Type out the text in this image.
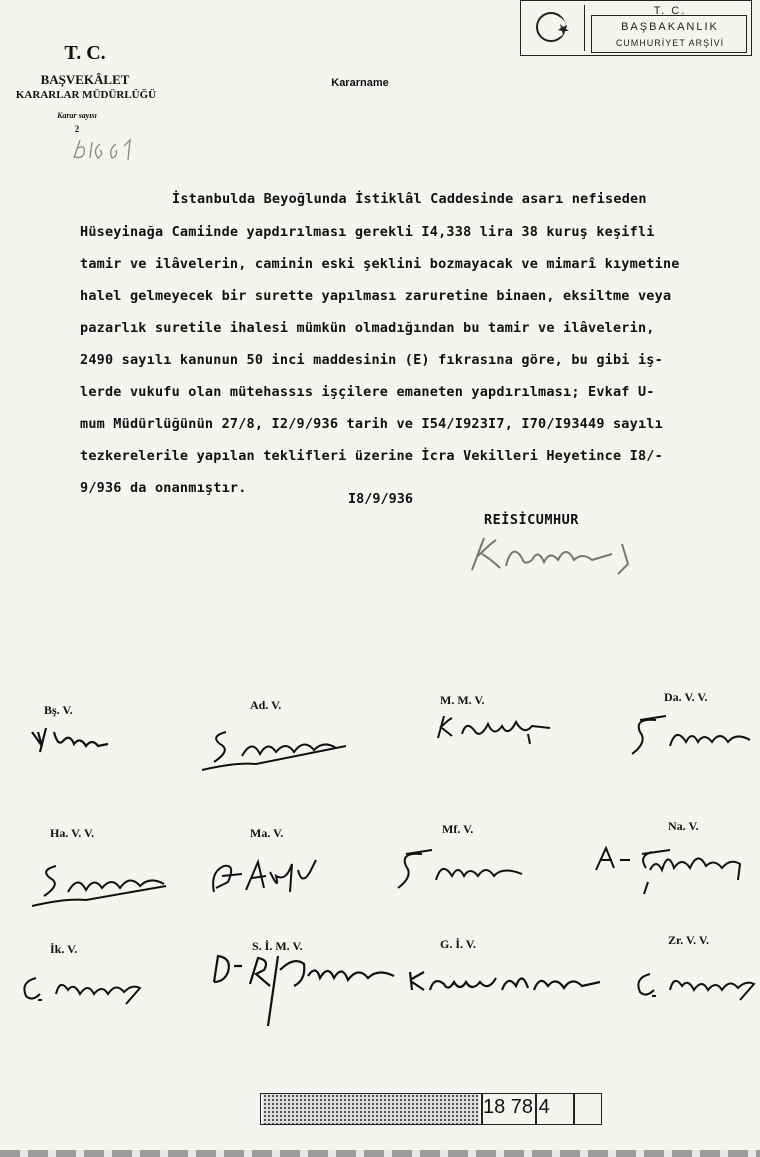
T. C.
BAŞBAKANLIK
CUMHURİYET ARŞİVİ
T. C.
BAŞVEKÂLET
KARARLAR MÜDÜRLÜĞÜ
Karar sayısı
2
Kararname
İstanbulda Beyoğlunda İstiklâl Caddesinde asarı nefiseden
Hüseyinağa Camiinde yapdırılması gerekli I4,338 lira 38 kuruş keşifli
tamir ve ilâvelerin, caminin eski şeklini bozmayacak ve mimarî kıymetine
halel gelmeyecek bir surette yapılması zaruretine binaen, eksiltme veya
pazarlık suretile ihalesi mümkün olmadığından bu tamir ve ilâvelerin,
2490 sayılı kanunun 50 inci maddesinin (E) fıkrasına göre, bu gibi iş-
lerde vukufu olan mütehassıs işçilere emaneten yapdırılması; Evkaf U-
mum Müdürlüğünün 27/8, I2/9/936 tarih ve I54/I923I7, I70/I93449 sayılı
tezkerelerile yapılan teklifleri üzerine İcra Vekilleri Heyetince I8/-
9/936 da onanmıştır.
I8/9/936
REİSİCUMHUR
Bş. V.	Ad. V.	M. M. V.	Da. V. V.
Ha. V. V.	Ma. V.	Mf. V.	Na. V.
İk. V.	S. İ. M. V.	G. İ. V.	Zr. V. V.
18 78 4
